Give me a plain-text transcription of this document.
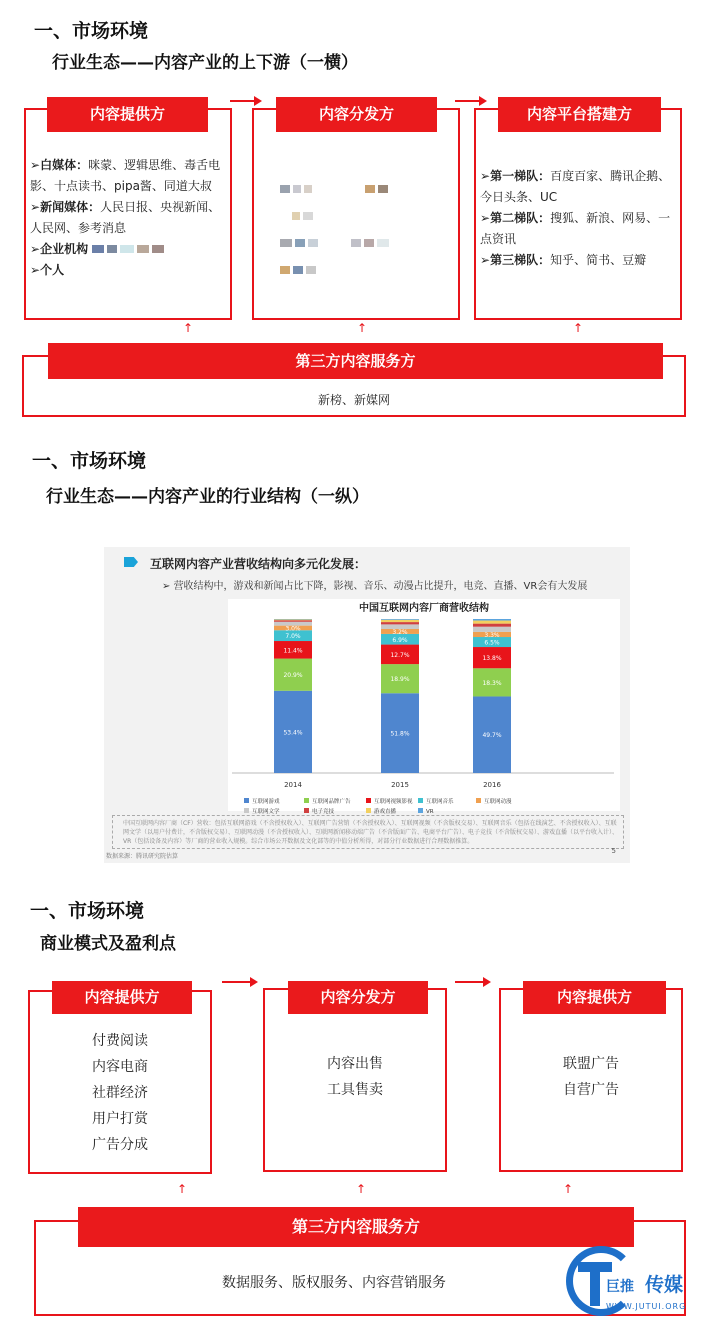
一、市场环境
行业生态——内容产业的上下游（一横）
内容提供方
➢白媒体：咪蒙、逻辑思维、毒舌电影、十点读书、pipa酱、同道大叔
➢新闻媒体：人民日报、央视新闻、人民网、参考消息
➢企业机构
➢个人
内容分发方	内容平台搭建方
➢第一梯队：百度百家、腾讯企鹅、今日头条、UC
➢第二梯队：搜狐、新浪、网易、一点资讯
➢第三梯队：知乎、简书、豆瓣
↑	↑	↑
第三方内容服务方
新榜、新媒网
一、市场环境
行业生态——内容产业的行业结构（一纵）
互联网内容产业营收结构向多元化发展：
➢ 营收结构中，游戏和新闻占比下降，影视、音乐、动漫占比提升，电竞、直播、VR会有大发展
中国互联网内容厂商营收结构
53.4%
20.9%
11.4%
7.0%
3.0%
2014
51.8%
18.9%
12.7%
6.9%
3.2%
2015
49.7%
18.3%
13.8%
6.5%
3.3%
2016
互联网游戏	互联网品牌广告	互联网视频影视 互联网音乐	互联网动漫
互联网文学	电子竞技	游戏直播	VR
中国互联网内容厂商（CF）营收：包括互联网游戏（不含授权收入）、互联网广告营销（不含授权收入）、互联网视频（不含版权交易）、互联网音乐（包括在线演艺、不含授权收入）、互联网文学（以用户付费计，不含版权交易）、互联网动漫（不含授权收入）、互联网新闻移动端广告（不含版面广告、电商平台广告）、电子竞技（不含版权交易）、游戏直播（以平台收入计）、VR（包括设备及内容）等厂商的营业收入规模。综合市场公开数据及文化部等的中值分析所得，对部分行业数据进行合理数据推算。
数据来源：腾讯研究院估算
5
一、市场环境
商业模式及盈利点
内容提供方
付费阅读
内容电商
社群经济
用户打赏
广告分成
内容分发方
内容出售
工具售卖
内容提供方
联盟广告
自营广告
↑	↑	↑
第三方内容服务方
数据服务、版权服务、内容营销服务	巨推 传媒
WWW.JUTUI.ORG
